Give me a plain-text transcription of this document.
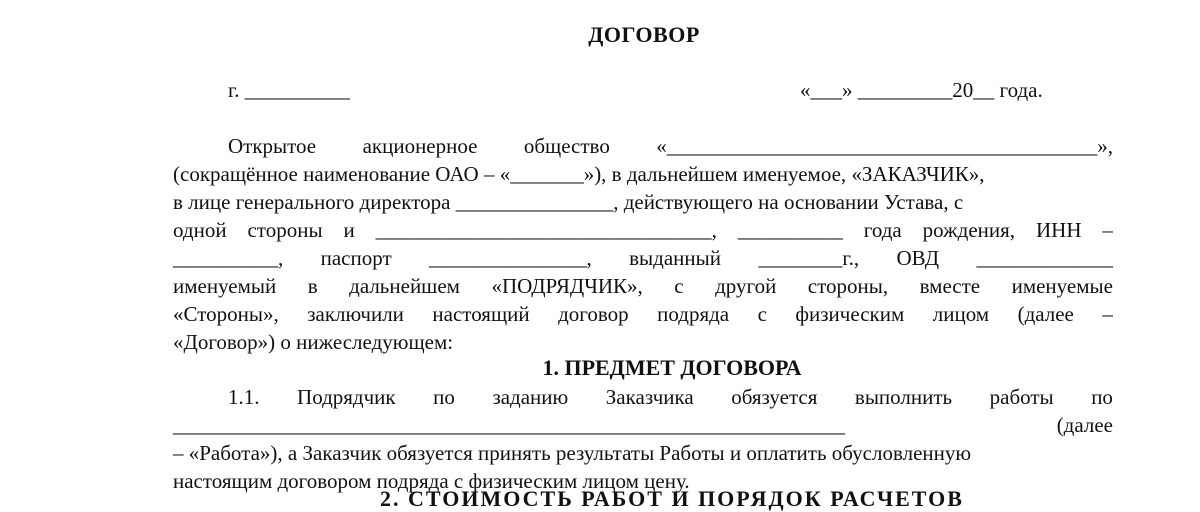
ДОГОВОР
г. __________	«___» _________20__ года.
Открытое акционерное общество «_________________________________________»,
(сокращённое наименование ОАО – «_______»), в дальнейшем именуемое, «ЗАКАЗЧИК»,
в лице генерального директора _______________, действующего на основании Устава, с
одной стороны и ________________________________, __________ года рождения, ИНН –
__________, паспорт _______________, выданный ________г., ОВД _____________
именуемый в дальнейшем «ПОДРЯДЧИК», с другой стороны, вместе именуемые
«Стороны», заключили настоящий договор подряда с физическим лицом (далее –
«Договор») о нижеследующем:
1. ПРЕДМЕТ ДОГОВОРА
1.1. Подрядчик по заданию Заказчика обязуется выполнить работы по
________________________________________________________________	(далее
– «Работа»), а Заказчик обязуется принять результаты Работы и оплатить обусловленную
настоящим договором подряда с физическим лицом цену.
2. СТОИМОСТЬ РАБОТ И ПОРЯДОК РАСЧЕТОВ
